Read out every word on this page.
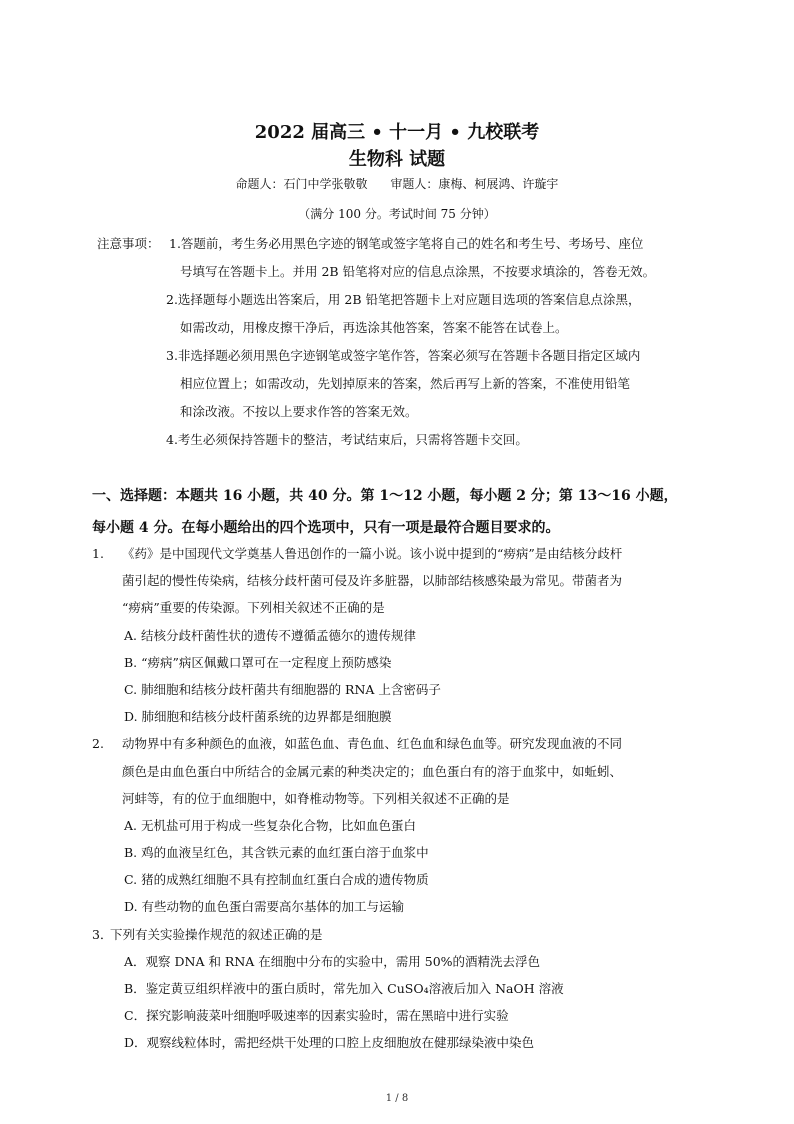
2022 届高三 • 十一月 • 九校联考
生物科 试题
命题人：石门中学张敬敬      审题人：康梅、柯展鸿、许璇宇
（满分 100 分。考试时间 75 分钟）
注意事项： 1.答题前，考生务必用黑色字迹的钢笔或签字笔将自己的姓名和考生号、考场号、座位
号填写在答题卡上。并用 2B 铅笔将对应的信息点涂黑，不按要求填涂的，答卷无效。
2.选择题每小题选出答案后，用 2B 铅笔把答题卡上对应题目选项的答案信息点涂黑，
如需改动，用橡皮擦干净后，再选涂其他答案，答案不能答在试卷上。
3.非选择题必须用黑色字迹钢笔或签字笔作答，答案必须写在答题卡各题目指定区域内
相应位置上；如需改动，先划掉原来的答案，然后再写上新的答案，不准使用铅笔
和涂改液。不按以上要求作答的答案无效。
4.考生必须保持答题卡的整洁，考试结束后，只需将答题卡交回。
一、选择题：本题共 16 小题，共 40 分。第 1～12 小题，每小题 2 分；第 13～16 小题，
每小题 4 分。在每小题给出的四个选项中，只有一项是最符合题目要求的。
1. 《药》是中国现代文学奠基人鲁迅创作的一篇小说。该小说中提到的“痨病”是由结核分歧杆
菌引起的慢性传染病，结核分歧杆菌可侵及许多脏器，以肺部结核感染最为常见。带菌者为
“痨病”重要的传染源。下列相关叙述不正确的是
A. 结核分歧杆菌性状的遗传不遵循孟德尔的遗传规律
B. “痨病”病区佩戴口罩可在一定程度上预防感染
C. 肺细胞和结核分歧杆菌共有细胞器的 RNA 上含密码子
D. 肺细胞和结核分歧杆菌系统的边界都是细胞膜
2. 动物界中有多种颜色的血液，如蓝色血、青色血、红色血和绿色血等。研究发现血液的不同
颜色是由血色蛋白中所结合的金属元素的种类决定的；血色蛋白有的溶于血浆中，如蚯蚓、
河蚌等，有的位于血细胞中，如脊椎动物等。下列相关叙述不正确的是
A. 无机盐可用于构成一些复杂化合物，比如血色蛋白
B. 鸡的血液呈红色，其含铁元素的血红蛋白溶于血浆中
C. 猪的成熟红细胞不具有控制血红蛋白合成的遗传物质
D. 有些动物的血色蛋白需要高尔基体的加工与运输
3．
下列有关实验操作规范的叙述正确的是
A．观察 DNA 和 RNA 在细胞中分布的实验中，需用 50%的酒精洗去浮色
B．鉴定黄豆组织样液中的蛋白质时，常先加入 CuSO₄溶液后加入 NaOH 溶液
C．探究影响菠菜叶细胞呼吸速率的因素实验时，需在黑暗中进行实验
D．观察线粒体时，需把经烘干处理的口腔上皮细胞放在健那绿染液中染色
1 / 8
